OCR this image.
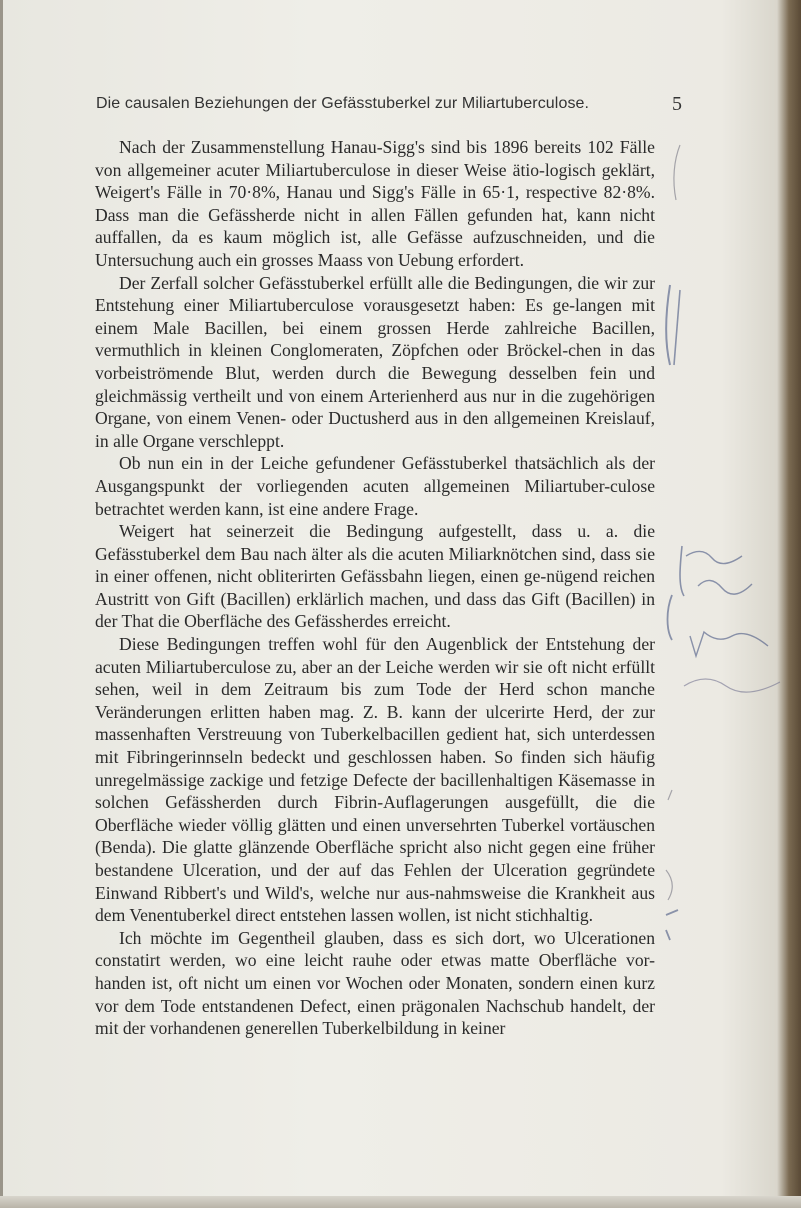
Die causalen Beziehungen der Gefässtuberkel zur Miliartuberculose.	5

Nach der Zusammenstellung Hanau-Sigg's sind bis 1896 bereits 102 Fälle von allgemeiner acuter Miliartuberculose in dieser Weise ätio-logisch geklärt, Weigert's Fälle in 70·8%, Hanau und Sigg's Fälle in 65·1, respective 82·8%. Dass man die Gefässherde nicht in allen Fällen gefunden hat, kann nicht auffallen, da es kaum möglich ist, alle Gefässe aufzuschneiden, und die Untersuchung auch ein grosses Maass von Uebung erfordert.

Der Zerfall solcher Gefässtuberkel erfüllt alle die Bedingungen, die wir zur Entstehung einer Miliartuberculose vorausgesetzt haben: Es ge-langen mit einem Male Bacillen, bei einem grossen Herde zahlreiche Bacillen, vermuthlich in kleinen Conglomeraten, Zöpfchen oder Bröckel-chen in das vorbeiströmende Blut, werden durch die Bewegung desselben fein und gleichmässig vertheilt und von einem Arterienherd aus nur in die zugehörigen Organe, von einem Venen- oder Ductusherd aus in den allgemeinen Kreislauf, in alle Organe verschleppt.

Ob nun ein in der Leiche gefundener Gefässtuberkel thatsächlich als der Ausgangspunkt der vorliegenden acuten allgemeinen Miliartuber-culose betrachtet werden kann, ist eine andere Frage.

Weigert hat seinerzeit die Bedingung aufgestellt, dass u. a. die Gefässtuberkel dem Bau nach älter als die acuten Miliarknötchen sind, dass sie in einer offenen, nicht obliterirten Gefässbahn liegen, einen ge-nügend reichen Austritt von Gift (Bacillen) erklärlich machen, und dass das Gift (Bacillen) in der That die Oberfläche des Gefässherdes erreicht.

Diese Bedingungen treffen wohl für den Augenblick der Entstehung der acuten Miliartuberculose zu, aber an der Leiche werden wir sie oft nicht erfüllt sehen, weil in dem Zeitraum bis zum Tode der Herd schon manche Veränderungen erlitten haben mag. Z. B. kann der ulcerirte Herd, der zur massenhaften Verstreuung von Tuberkelbacillen gedient hat, sich unterdessen mit Fibringerinnseln bedeckt und geschlossen haben. So finden sich häufig unregelmässige zackige und fetzige Defecte der bacillenhaltigen Käsemasse in solchen Gefässherden durch Fibrin-Auflagerungen ausgefüllt, die die Oberfläche wieder völlig glätten und einen unversehrten Tuberkel vortäuschen (Benda). Die glatte glänzende Oberfläche spricht also nicht gegen eine früher bestandene Ulceration, und der auf das Fehlen der Ulceration gegründete Einwand Ribbert's und Wild's, welche nur aus-nahmsweise die Krankheit aus dem Venentuberkel direct entstehen lassen wollen, ist nicht stichhaltig.

Ich möchte im Gegentheil glauben, dass es sich dort, wo Ulcerationen constatirt werden, wo eine leicht rauhe oder etwas matte Oberfläche vor-handen ist, oft nicht um einen vor Wochen oder Monaten, sondern einen kurz vor dem Tode entstandenen Defect, einen prägonalen Nachschub handelt, der mit der vorhandenen generellen Tuberkelbildung in keiner
